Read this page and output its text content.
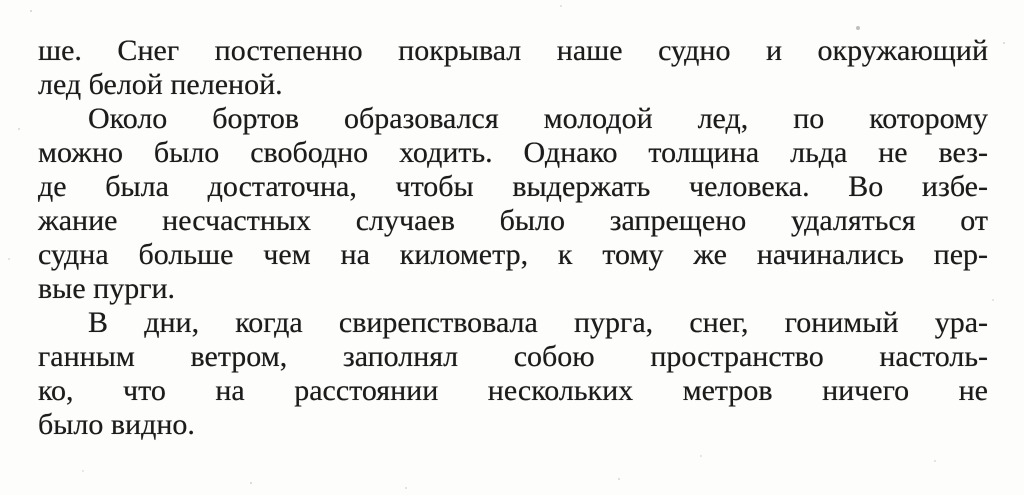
ше. Снег постепенно покрывал наше судно и окружающий
лед белой пеленой.

Около бортов образовался молодой лед, по которому
можно было свободно ходить. Однако толщина льда не вез-
де была достаточна, чтобы выдержать человека. Во избе-
жание несчастных случаев было запрещено удаляться от
судна больше чем на километр, к тому же начинались пер-
вые пурги.

В дни, когда свирепствовала пурга, снег, гонимый ура-
ганным ветром, заполнял собою пространство настоль-
ко, что на расстоянии нескольких метров ничего не
было видно.
